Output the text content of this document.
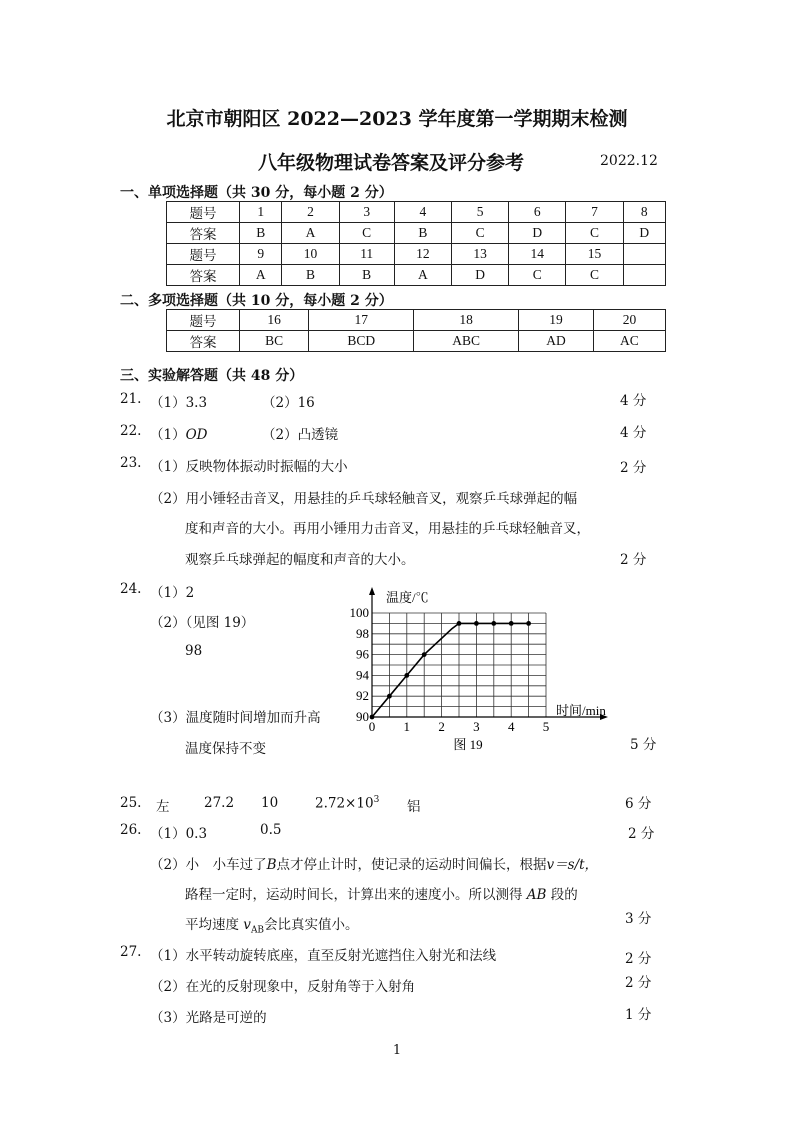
北京市朝阳区 2022—2023 学年度第一学期期末检测
八年级物理试卷答案及评分参考	2022.12
一、单项选择题（共 30 分，每小题 2 分）
题号	1	2	3	4	5	6	7	8
答案	B	A	C	B	C	D	C	D
题号	9	10	11	12	13	14	15	
答案	A	B	B	A	D	C	C	
二、多项选择题（共 10 分，每小题 2 分）
题号	16	17	18	19	20
答案	BC	BCD	ABC	AD	AC
三、实验解答题（共 48 分）
21. （1）3.3	（2）16	4 分
22. （1）OD	（2）凸透镜	4 分
23. （1）反映物体振动时振幅的大小	2 分
（2）用小锤轻击音叉，用悬挂的乒乓球轻触音叉，观察乒乓球弹起的幅
度和声音的大小。再用小锤用力击音叉，用悬挂的乒乓球轻触音叉，
观察乒乓球弹起的幅度和声音的大小。	2 分
24. （1）2
（2）（见图 19）
98
（3）温度随时间增加而升高
温度保持不变	5 分
温度/℃
时间/min
90
92
94
96
98
100
0 1 2 3 4 5
图 19
25. 左	27.2 10	$2.72\times 10^3$ 铝	6 分
26. （1）0.3	0.5	2 分
（2）小　小车过了B点才停止计时，使记录的运动时间偏长，根据v＝s/t，
路程一定时，运动时间长，计算出来的速度小。所以测得 AB 段的
平均速度 $v_{AB}$会比真实值小。	3 分
27. （1）水平转动旋转底座，直至反射光遮挡住入射光和法线	2 分
（2）在光的反射现象中，反射角等于入射角	2 分
（3）光路是可逆的	1 分
1
